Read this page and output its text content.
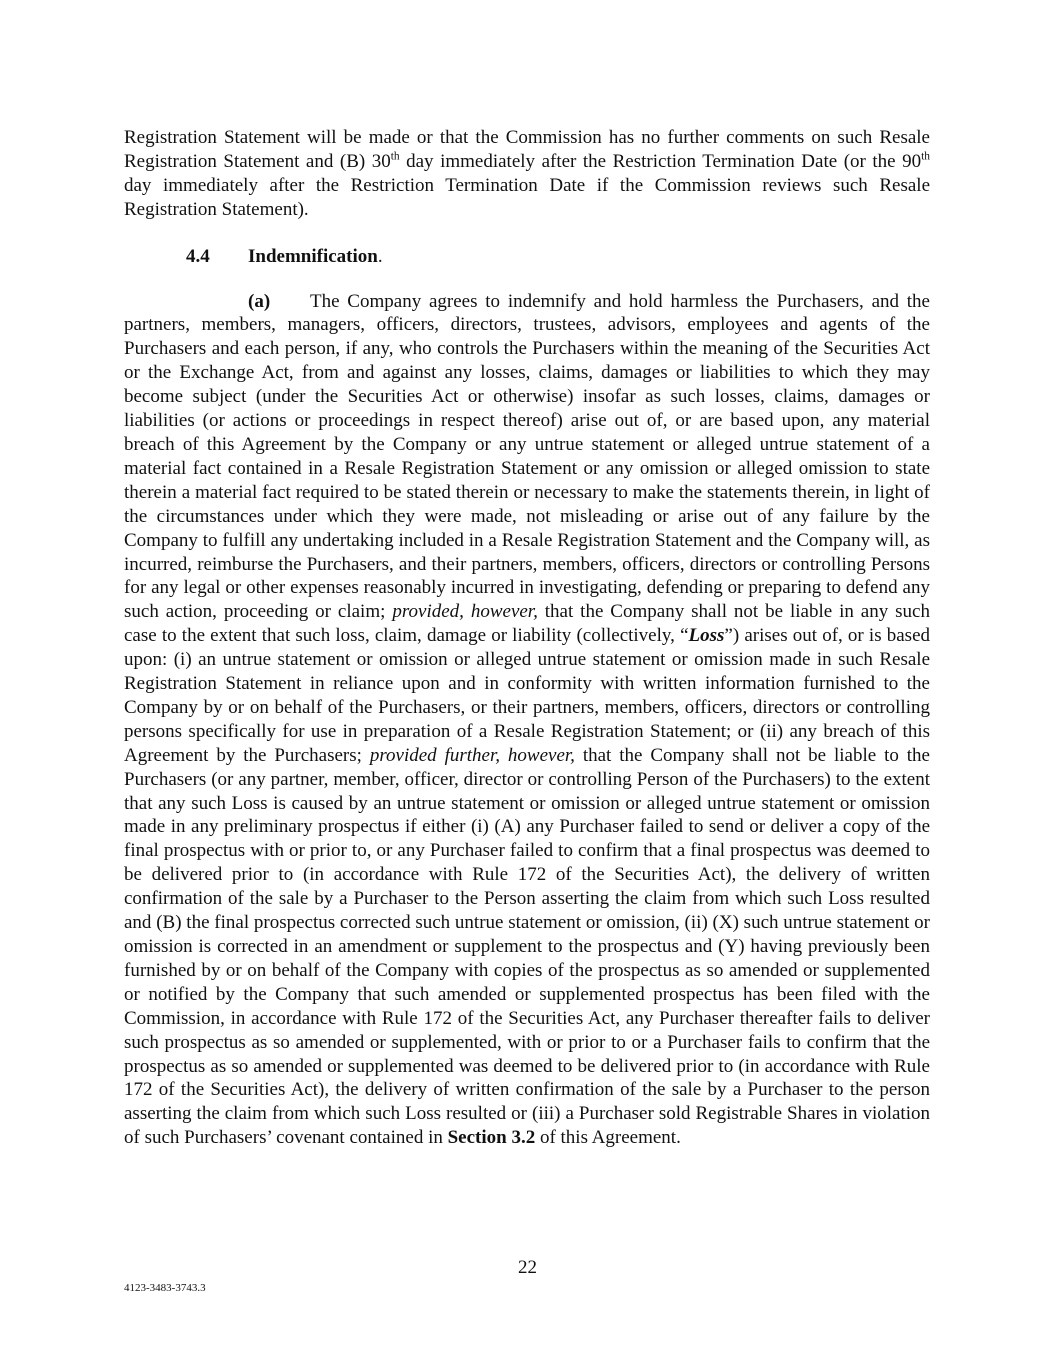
Registration Statement will be made or that the Commission has no further comments on such Resale Registration Statement and (B) 30th day immediately after the Restriction Termination Date (or the 90th day immediately after the Restriction Termination Date if the Commission reviews such Resale Registration Statement).

4.4 Indemnification.

(a) The Company agrees to indemnify and hold harmless the Purchasers, and the partners, members, managers, officers, directors, trustees, advisors, employees and agents of the Purchasers and each person, if any, who controls the Purchasers within the meaning of the Securities Act or the Exchange Act, from and against any losses, claims, damages or liabilities to which they may become subject (under the Securities Act or otherwise) insofar as such losses, claims, damages or liabilities (or actions or proceedings in respect thereof) arise out of, or are based upon, any material breach of this Agreement by the Company or any untrue statement or alleged untrue statement of a material fact contained in a Resale Registration Statement or any omission or alleged omission to state therein a material fact required to be stated therein or necessary to make the statements therein, in light of the circumstances under which they were made, not misleading or arise out of any failure by the Company to fulfill any undertaking included in a Resale Registration Statement and the Company will, as incurred, reimburse the Purchasers, and their partners, members, officers, directors or controlling Persons for any legal or other expenses reasonably incurred in investigating, defending or preparing to defend any such action, proceeding or claim; provided, however, that the Company shall not be liable in any such case to the extent that such loss, claim, damage or liability (collectively, “Loss”) arises out of, or is based upon: (i) an untrue statement or omission or alleged untrue statement or omission made in such Resale Registration Statement in reliance upon and in conformity with written information furnished to the Company by or on behalf of the Purchasers, or their partners, members, officers, directors or controlling persons specifically for use in preparation of a Resale Registration Statement; or (ii) any breach of this Agreement by the Purchasers; provided further, however, that the Company shall not be liable to the Purchasers (or any partner, member, officer, director or controlling Person of the Purchasers) to the extent that any such Loss is caused by an untrue statement or omission or alleged untrue statement or omission made in any preliminary prospectus if either (i) (A) any Purchaser failed to send or deliver a copy of the final prospectus with or prior to, or any Purchaser failed to confirm that a final prospectus was deemed to be delivered prior to (in accordance with Rule 172 of the Securities Act), the delivery of written confirmation of the sale by a Purchaser to the Person asserting the claim from which such Loss resulted and (B) the final prospectus corrected such untrue statement or omission, (ii) (X) such untrue statement or omission is corrected in an amendment or supplement to the prospectus and (Y) having previously been furnished by or on behalf of the Company with copies of the prospectus as so amended or supplemented or notified by the Company that such amended or supplemented prospectus has been filed with the Commission, in accordance with Rule 172 of the Securities Act, any Purchaser thereafter fails to deliver such prospectus as so amended or supplemented, with or prior to or a Purchaser fails to confirm that the prospectus as so amended or supplemented was deemed to be delivered prior to (in accordance with Rule 172 of the Securities Act), the delivery of written confirmation of the sale by a Purchaser to the person asserting the claim from which such Loss resulted or (iii) a Purchaser sold Registrable Shares in violation of such Purchasers’ covenant contained in Section 3.2 of this Agreement.

22
4123-3483-3743.3
